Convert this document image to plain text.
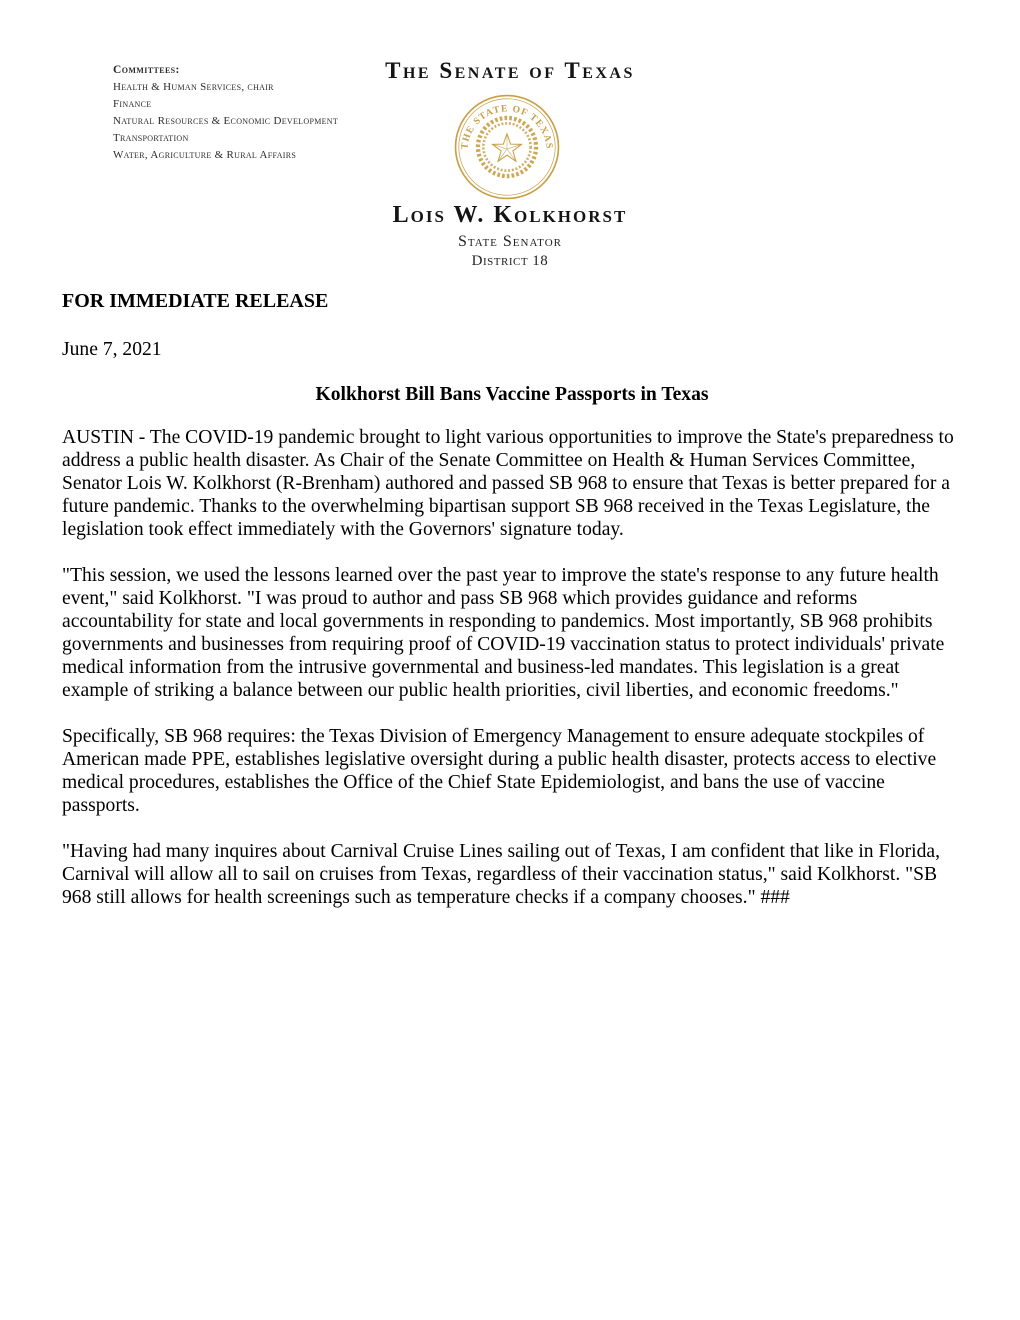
Committees:
Health & Human Services, chair
Finance
Natural Resources & Economic Development
Transportation
Water, Agriculture & Rural Affairs
The Senate of Texas
THE STATE OF TEXAS
Lois W. Kolkhorst
State Senator
District 18
FOR IMMEDIATE RELEASE
June 7, 2021
Kolkhorst Bill Bans Vaccine Passports in Texas

AUSTIN - The COVID-19 pandemic brought to light various opportunities to improve the State's preparedness to address a public health disaster. As Chair of the Senate Committee on Health & Human Services Committee, Senator Lois W. Kolkhorst (R-Brenham) authored and passed SB 968 to ensure that Texas is better prepared for a future pandemic. Thanks to the overwhelming bipartisan support SB 968 received in the Texas Legislature, the legislation took effect immediately with the Governors' signature today.

"This session, we used the lessons learned over the past year to improve the state's response to any future health event," said Kolkhorst. "I was proud to author and pass SB 968 which provides guidance and reforms accountability for state and local governments in responding to pandemics. Most importantly, SB 968 prohibits governments and businesses from requiring proof of COVID-19 vaccination status to protect individuals' private medical information from the intrusive governmental and business-led mandates. This legislation is a great example of striking a balance between our public health priorities, civil liberties, and economic freedoms."

Specifically, SB 968 requires: the Texas Division of Emergency Management to ensure adequate stockpiles of American made PPE, establishes legislative oversight during a public health disaster, protects access to elective medical procedures, establishes the Office of the Chief State Epidemiologist, and bans the use of vaccine passports.

"Having had many inquires about Carnival Cruise Lines sailing out of Texas, I am confident that like in Florida, Carnival will allow all to sail on cruises from Texas, regardless of their vaccination status," said Kolkhorst. "SB 968 still allows for health screenings such as temperature checks if a company chooses." ###
